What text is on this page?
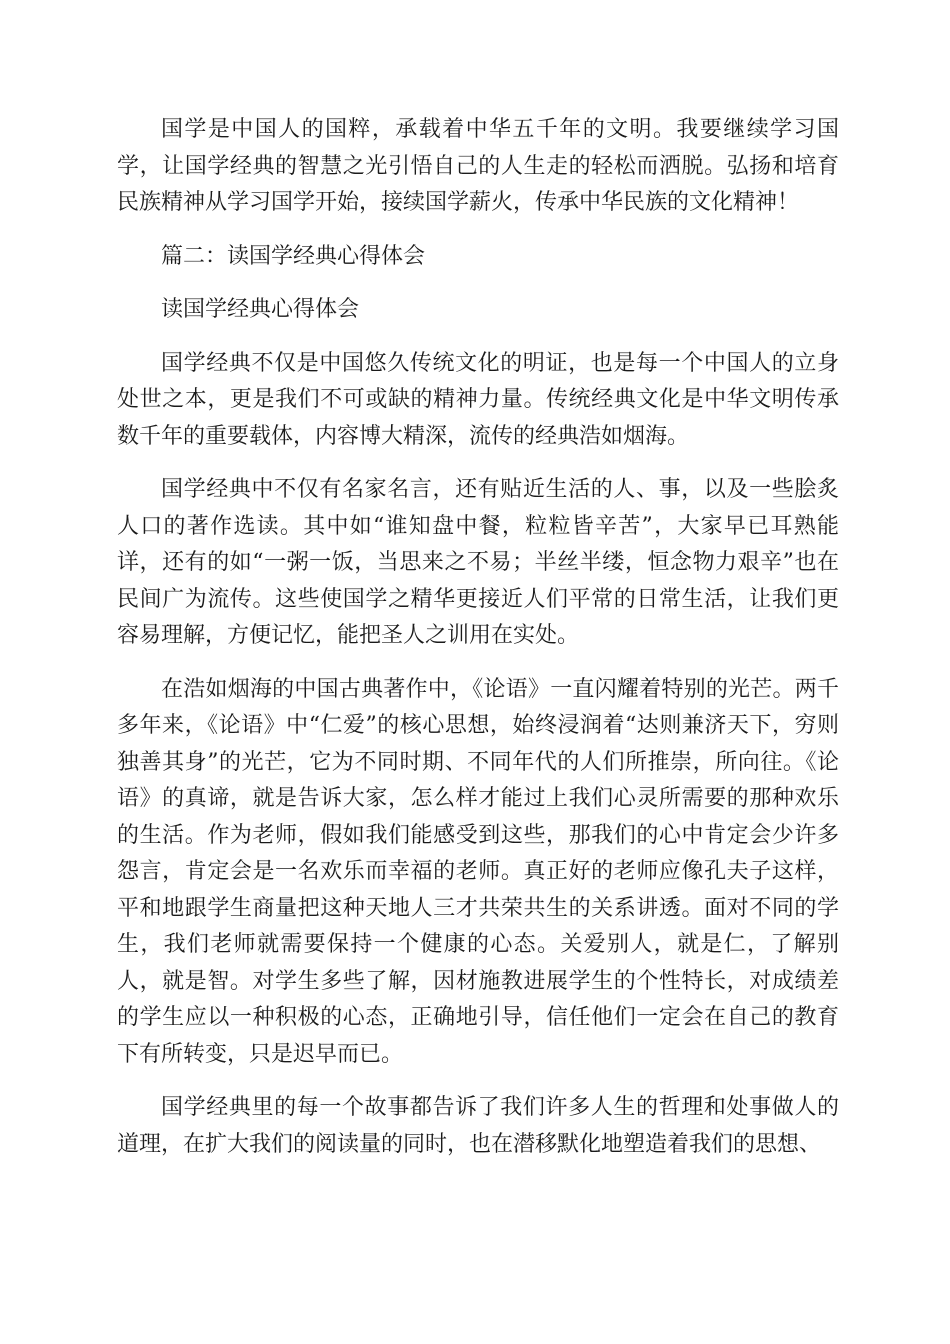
国学是中国人的国粹，承载着中华五千年的文明。我要继续学习国学，让国学经典的智慧之光引悟自己的人生走的轻松而洒脱。弘扬和培育民族精神从学习国学开始，接续国学薪火，传承中华民族的文化精神！

篇二：读国学经典心得体会

读国学经典心得体会

国学经典不仅是中国悠久传统文化的明证，也是每一个中国人的立身处世之本，更是我们不可或缺的精神力量。传统经典文化是中华文明传承数千年的重要载体，内容博大精深，流传的经典浩如烟海。

国学经典中不仅有名家名言，还有贴近生活的人、事，以及一些脍炙人口的著作选读。其中如“谁知盘中餐，粒粒皆辛苦”，大家早已耳熟能详，还有的如“一粥一饭，当思来之不易；半丝半缕，恒念物力艰辛”也在民间广为流传。这些使国学之精华更接近人们平常的日常生活，让我们更容易理解，方便记忆，能把圣人之训用在实处。

在浩如烟海的中国古典著作中，《论语》一直闪耀着特别的光芒。两千多年来，《论语》中“仁爱”的核心思想，始终浸润着“达则兼济天下，穷则独善其身”的光芒，它为不同时期、不同年代的人们所推崇，所向往。《论语》的真谛，就是告诉大家，怎么样才能过上我们心灵所需要的那种欢乐的生活。作为老师，假如我们能感受到这些，那我们的心中肯定会少许多怨言，肯定会是一名欢乐而幸福的老师。真正好的老师应像孔夫子这样，平和地跟学生商量把这种天地人三才共荣共生的关系讲透。面对不同的学生，我们老师就需要保持一个健康的心态。关爱别人，就是仁，了解别人，就是智。对学生多些了解，因材施教进展学生的个性特长，对成绩差的学生应以一种积极的心态，正确地引导，信任他们一定会在自己的教育下有所转变，只是迟早而已。

国学经典里的每一个故事都告诉了我们许多人生的哲理和处事做人的道理，在扩大我们的阅读量的同时，也在潜移默化地塑造着我们的思想、
